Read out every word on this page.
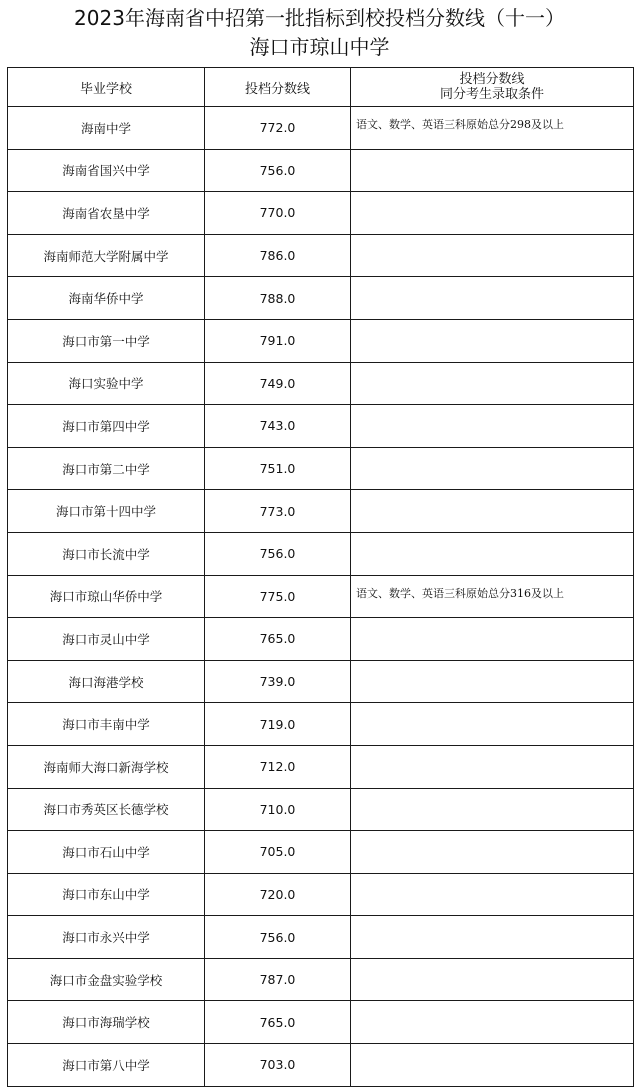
2023年海南省中招第一批指标到校投档分数线（十一）
海口市琼山中学
毕业学校	投档分数线	投档分数线
同分考生录取条件

海南中学	772.0	语文、数学、英语三科原始总分298及以上
海南省国兴中学	756.0	
海南省农垦中学	770.0	
海南师范大学附属中学	786.0	
海南华侨中学	788.0	
海口市第一中学	791.0	
海口实验中学	749.0	
海口市第四中学	743.0	
海口市第二中学	751.0	
海口市第十四中学	773.0	
海口市长流中学	756.0	
海口市琼山华侨中学	775.0	语文、数学、英语三科原始总分316及以上
海口市灵山中学	765.0	
海口海港学校	739.0	
海口市丰南中学	719.0	
海南师大海口新海学校	712.0	
海口市秀英区长德学校	710.0	
海口市石山中学	705.0	
海口市东山中学	720.0	
海口市永兴中学	756.0	
海口市金盘实验学校	787.0	
海口市海瑞学校	765.0	
海口市第八中学	703.0	
